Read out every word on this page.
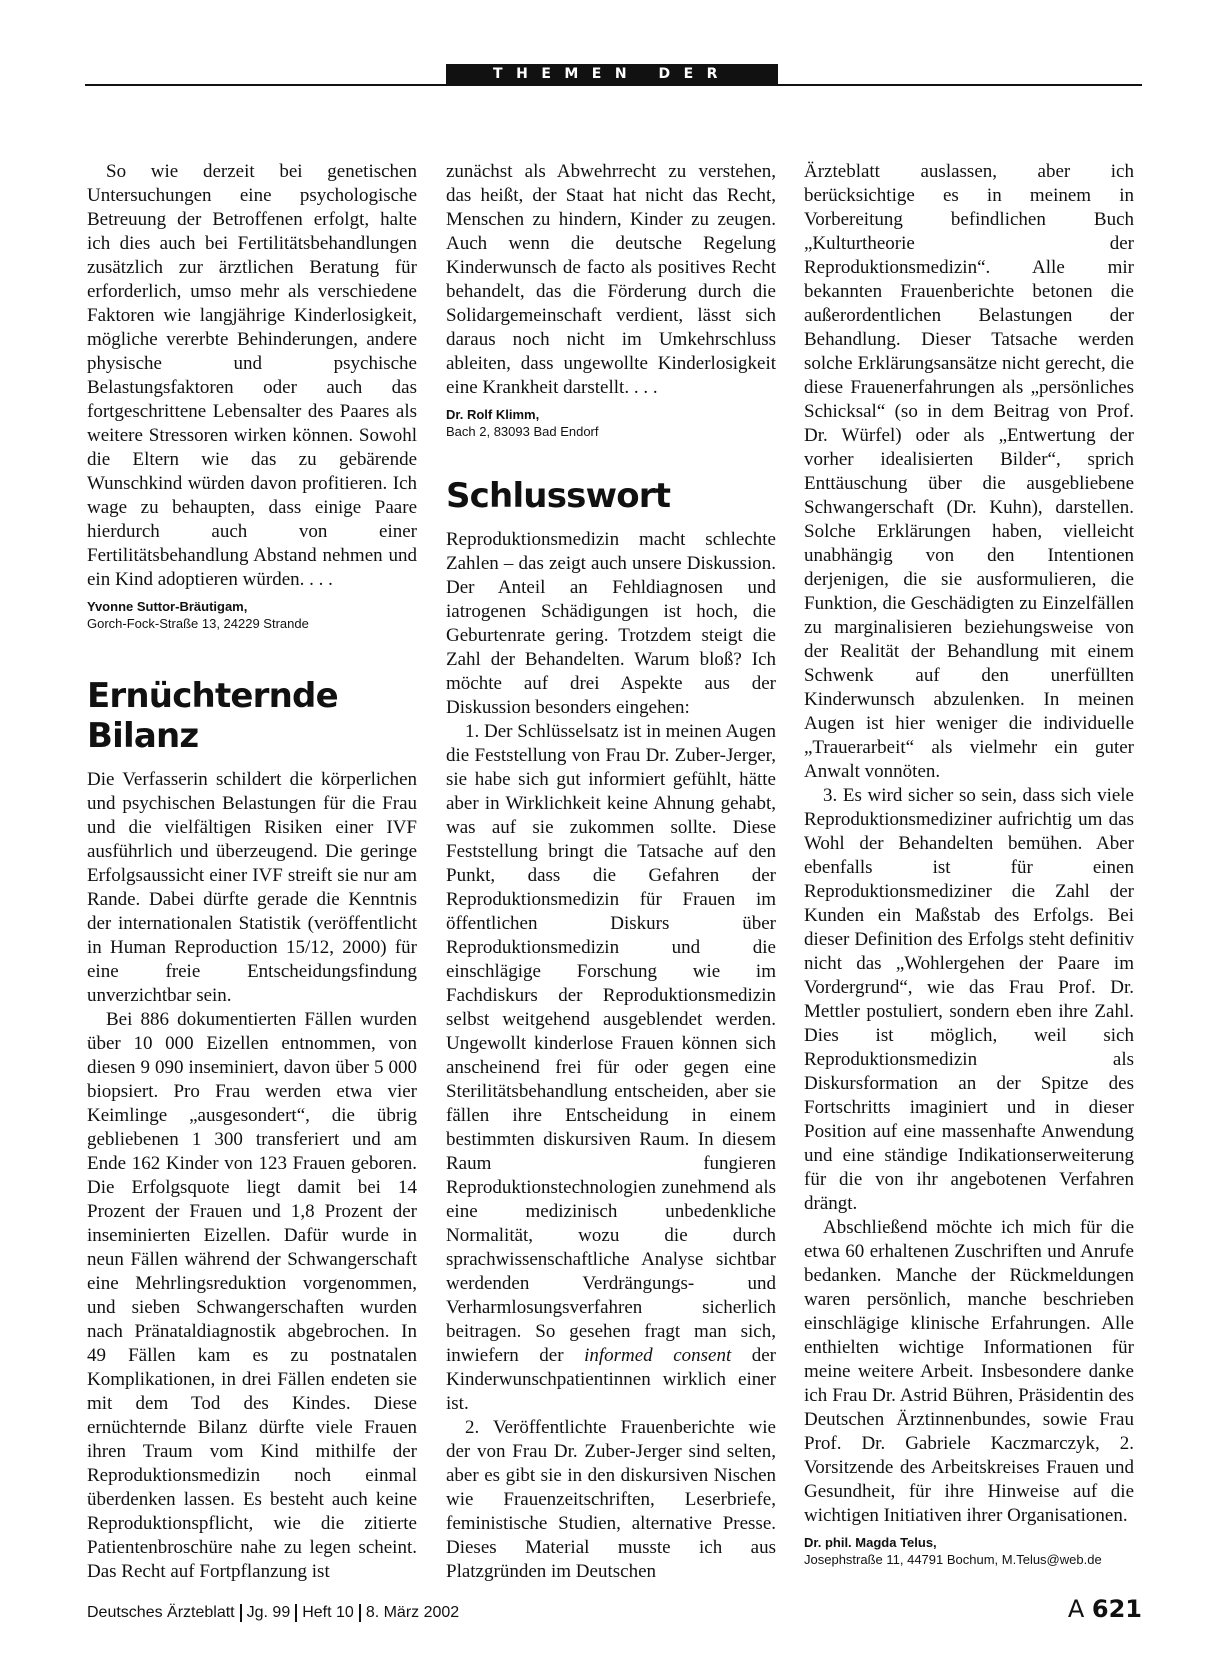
THEMEN DER ZEIT

So wie derzeit bei genetischen Untersuchungen eine psychologische Betreuung der Betroffenen erfolgt, halte ich dies auch bei Fertilitätsbehandlungen zusätzlich zur ärztlichen Beratung für erforderlich, umso mehr als verschiedene Faktoren wie langjährige Kinderlosigkeit, mögliche vererbte Behinderungen, andere physische und psychische Belastungsfaktoren oder auch das fortgeschrittene Lebensalter des Paares als weitere Stressoren wirken können. Sowohl die Eltern wie das zu gebärende Wunschkind würden davon profitieren. Ich wage zu behaupten, dass einige Paare hierdurch auch von einer Fertilitätsbehandlung Abstand nehmen und ein Kind adoptieren würden. . . .

Yvonne Suttor-Bräutigam,
Gorch-Fock-Straße 13, 24229 Strande
Ernüchternde Bilanz

Die Verfasserin schildert die körperlichen und psychischen Belastungen für die Frau und die vielfältigen Risiken einer IVF ausführlich und überzeugend. Die geringe Erfolgsaussicht einer IVF streift sie nur am Rande. Dabei dürfte gerade die Kenntnis der internationalen Statistik (veröffentlicht in Human Reproduction 15/12, 2000) für eine freie Entscheidungsfindung unverzichtbar sein.

Bei 886 dokumentierten Fällen wurden über 10 000 Eizellen entnommen, von diesen 9 090 inseminiert, davon über 5 000 biopsiert. Pro Frau werden etwa vier Keimlinge „ausgesondert“, die übrig gebliebenen 1 300 transferiert und am Ende 162 Kinder von 123 Frauen geboren. Die Erfolgsquote liegt damit bei 14 Prozent der Frauen und 1,8 Prozent der inseminierten Eizellen. Dafür wurde in neun Fällen während der Schwangerschaft eine Mehrlingsreduktion vorgenommen, und sieben Schwangerschaften wurden nach Pränataldiagnostik abgebrochen. In 49 Fällen kam es zu postnatalen Komplikationen, in drei Fällen endeten sie mit dem Tod des Kindes. Diese ernüchternde Bilanz dürfte viele Frauen ihren Traum vom Kind mithilfe der Reproduktionsmedizin noch einmal überdenken lassen. Es besteht auch keine Reproduktionspflicht, wie die zitierte Patientenbroschüre nahe zu legen scheint. Das Recht auf Fortpflanzung ist

zunächst als Abwehrrecht zu verstehen, das heißt, der Staat hat nicht das Recht, Menschen zu hindern, Kinder zu zeugen. Auch wenn die deutsche Regelung Kinderwunsch de facto als positives Recht behandelt, das die Förderung durch die Solidargemeinschaft verdient, lässt sich daraus noch nicht im Umkehrschluss ableiten, dass ungewollte Kinderlosigkeit eine Krankheit darstellt. . . .

Dr. Rolf Klimm,
Bach 2, 83093 Bad Endorf
Schlusswort

Reproduktionsmedizin macht schlechte Zahlen – das zeigt auch unsere Diskussion. Der Anteil an Fehldiagnosen und iatrogenen Schädigungen ist hoch, die Geburtenrate gering. Trotzdem steigt die Zahl der Behandelten. Warum bloß? Ich möchte auf drei Aspekte aus der Diskussion besonders eingehen:

1. Der Schlüsselsatz ist in meinen Augen die Feststellung von Frau Dr. Zuber-Jerger, sie habe sich gut informiert gefühlt, hätte aber in Wirklichkeit keine Ahnung gehabt, was auf sie zukommen sollte. Diese Feststellung bringt die Tatsache auf den Punkt, dass die Gefahren der Reproduktionsmedizin für Frauen im öffentlichen Diskurs über Reproduktionsmedizin und die einschlägige Forschung wie im Fachdiskurs der Reproduktionsmedizin selbst weitgehend ausgeblendet werden. Ungewollt kinderlose Frauen können sich anscheinend frei für oder gegen eine Sterilitätsbehandlung entscheiden, aber sie fällen ihre Entscheidung in einem bestimmten diskursiven Raum. In diesem Raum fungieren Reproduktionstechnologien zunehmend als eine medizinisch unbedenkliche Normalität, wozu die durch sprachwissenschaftliche Analyse sichtbar werdenden Verdrängungs- und Verharmlosungsverfahren sicherlich beitragen. So gesehen fragt man sich, inwiefern der informed consent der Kinderwunschpatientinnen wirklich einer ist.

2. Veröffentlichte Frauenberichte wie der von Frau Dr. Zuber-Jerger sind selten, aber es gibt sie in den diskursiven Nischen wie Frauenzeitschriften, Leserbriefe, feministische Studien, alternative Presse. Dieses Material musste ich aus Platzgründen im Deutschen

Ärzteblatt auslassen, aber ich berücksichtige es in meinem in Vorbereitung befindlichen Buch „Kulturtheorie der Reproduktionsmedizin“. Alle mir bekannten Frauenberichte betonen die außerordentlichen Belastungen der Behandlung. Dieser Tatsache werden solche Erklärungsansätze nicht gerecht, die diese Frauenerfahrungen als „persönliches Schicksal“ (so in dem Beitrag von Prof. Dr. Würfel) oder als „Entwertung der vorher idealisierten Bilder“, sprich Enttäuschung über die ausgebliebene Schwangerschaft (Dr. Kuhn), darstellen. Solche Erklärungen haben, vielleicht unabhängig von den Intentionen derjenigen, die sie ausformulieren, die Funktion, die Geschädigten zu Einzelfällen zu marginalisieren beziehungsweise von der Realität der Behandlung mit einem Schwenk auf den unerfüllten Kinderwunsch abzulenken. In meinen Augen ist hier weniger die individuelle „Trauerarbeit“ als vielmehr ein guter Anwalt vonnöten.

3. Es wird sicher so sein, dass sich viele Reproduktionsmediziner aufrichtig um das Wohl der Behandelten bemühen. Aber ebenfalls ist für einen Reproduktionsmediziner die Zahl der Kunden ein Maßstab des Erfolgs. Bei dieser Definition des Erfolgs steht definitiv nicht das „Wohlergehen der Paare im Vordergrund“, wie das Frau Prof. Dr. Mettler postuliert, sondern eben ihre Zahl. Dies ist möglich, weil sich Reproduktionsmedizin als Diskursformation an der Spitze des Fortschritts imaginiert und in dieser Position auf eine massenhafte Anwendung und eine ständige Indikationserweiterung für die von ihr angebotenen Verfahren drängt.

Abschließend möchte ich mich für die etwa 60 erhaltenen Zuschriften und Anrufe bedanken. Manche der Rückmeldungen waren persönlich, manche beschrieben einschlägige klinische Erfahrungen. Alle enthielten wichtige Informationen für meine weitere Arbeit. Insbesondere danke ich Frau Dr. Astrid Bühren, Präsidentin des Deutschen Ärztinnenbundes, sowie Frau Prof. Dr. Gabriele Kaczmarczyk, 2. Vorsitzende des Arbeitskreises Frauen und Gesundheit, für ihre Hinweise auf die wichtigen Initiativen ihrer Organisationen.

Dr. phil. Magda Telus,
Josephstraße 11, 44791 Bochum, M.Telus@web.de
Deutsches Ärzteblatt Jg. 99 Heft 10 8. März 2002	A 621
